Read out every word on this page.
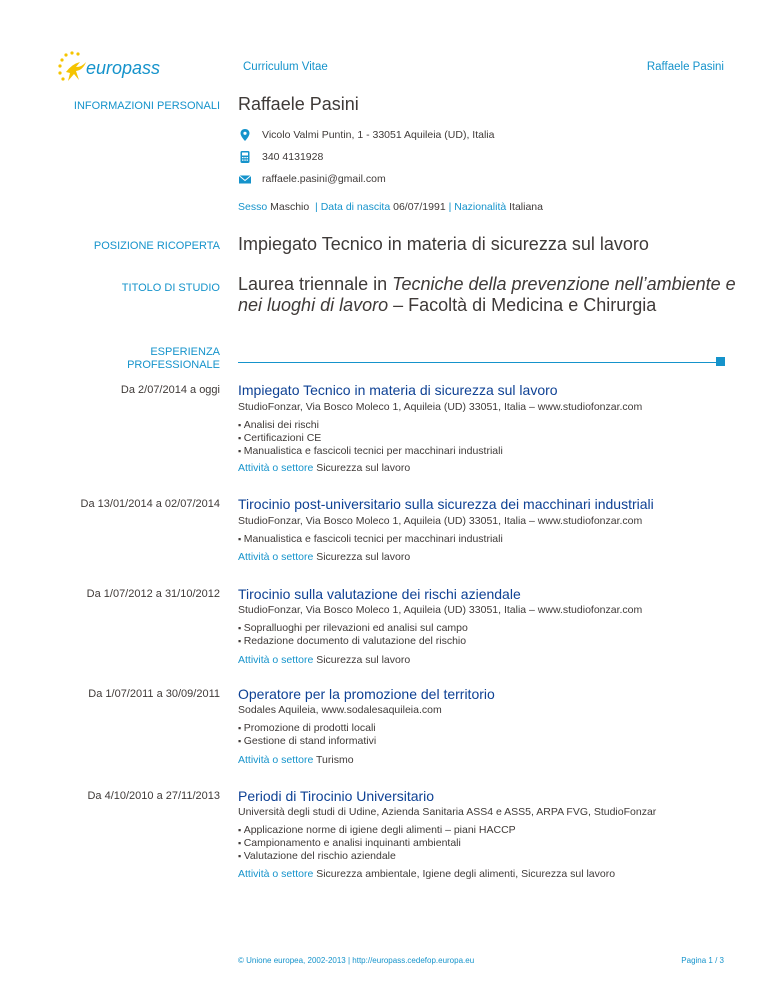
europass	Curriculum Vitae	Raffaele Pasini
INFORMAZIONI PERSONALI Raffaele Pasini
Vicolo Valmi Puntin, 1 - 33051 Aquileia (UD), Italia
340 4131928
raffaele.pasini@gmail.com
Sesso Maschio  | Data di nascita 06/07/1991 | Nazionalità Italiana
POSIZIONE RICOPERTA Impiegato Tecnico in materia di sicurezza sul lavoro
TITOLO DI STUDIO Laurea triennale in Tecniche della prevenzione nell’ambiente e nei luoghi di lavoro – Facoltà di Medicina e Chirurgia
ESPERIENZA
PROFESSIONALE
Da 2/07/2014 a oggi Impiegato Tecnico in materia di sicurezza sul lavoro
StudioFonzar, Via Bosco Moleco 1, Aquileia (UD) 33051, Italia – www.studiofonzar.com
▪ Analisi dei rischi
▪ Certificazioni CE
▪ Manualistica e fascicoli tecnici per macchinari industriali
Attività o settore Sicurezza sul lavoro
Da 13/01/2014 a 02/07/2014 Tirocinio post-universitario sulla sicurezza dei macchinari industriali
StudioFonzar, Via Bosco Moleco 1, Aquileia (UD) 33051, Italia – www.studiofonzar.com
▪ Manualistica e fascicoli tecnici per macchinari industriali
Attività o settore Sicurezza sul lavoro
Da 1/07/2012 a 31/10/2012 Tirocinio sulla valutazione dei rischi aziendale
StudioFonzar, Via Bosco Moleco 1, Aquileia (UD) 33051, Italia – www.studiofonzar.com
▪ Sopralluoghi per rilevazioni ed analisi sul campo
▪ Redazione documento di valutazione del rischio
Attività o settore Sicurezza sul lavoro
Da 1/07/2011 a 30/09/2011 Operatore per la promozione del territorio
Sodales Aquileia, www.sodalesaquileia.com
▪ Promozione di prodotti locali
▪ Gestione di stand informativi
Attività o settore Turismo
Da 4/10/2010 a 27/11/2013 Periodi di Tirocinio Universitario
Università degli studi di Udine, Azienda Sanitaria ASS4 e ASS5, ARPA FVG, StudioFonzar
▪ Applicazione norme di igiene degli alimenti – piani HACCP
▪ Campionamento e analisi inquinanti ambientali
▪ Valutazione del rischio aziendale
Attività o settore Sicurezza ambientale, Igiene degli alimenti, Sicurezza sul lavoro
© Unione europea, 2002-2013 | http://europass.cedefop.europa.eu	Pagina 1 / 3
